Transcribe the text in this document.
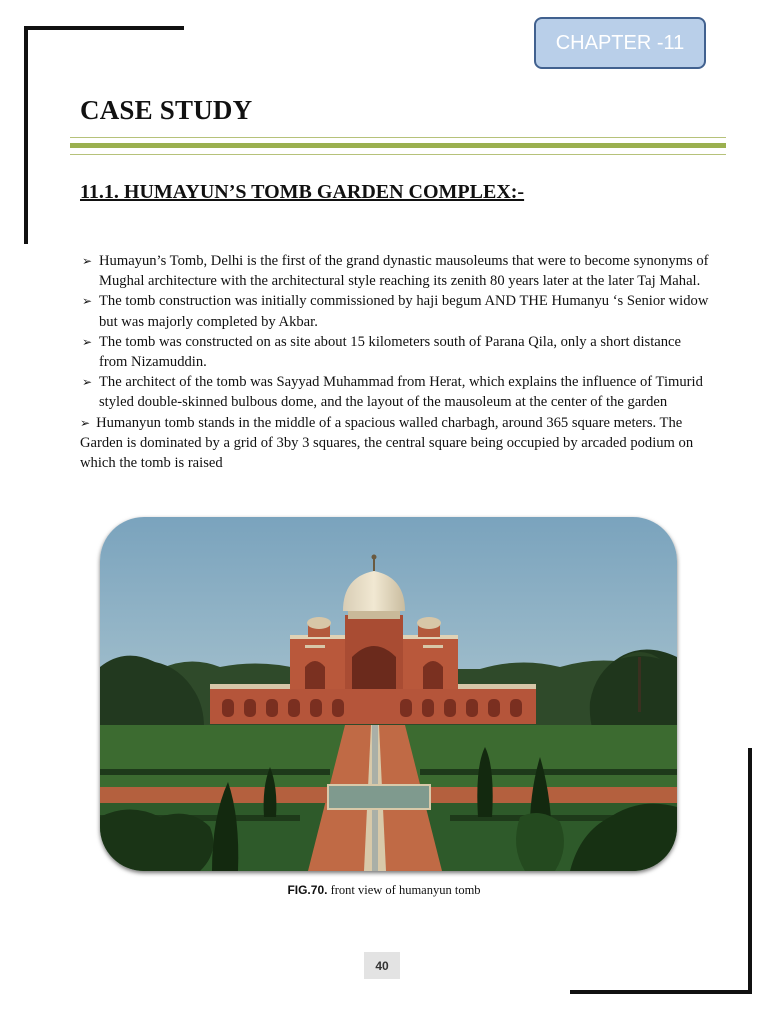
CHAPTER -11
CASE STUDY
11.1. HUMAYUN’S TOMB GARDEN COMPLEX:-
➢ Humayun’s Tomb, Delhi is the first of the grand dynastic mausoleums that were to become synonyms of Mughal architecture with the architectural style reaching its zenith 80 years later at the later Taj Mahal.
➢ The tomb construction was initially commissioned by haji begum AND THE Humanyu ‘s Senior widow but was majorly completed by Akbar.
➢ The tomb was constructed on as site about 15 kilometers south of Parana Qila, only a short distance from Nizamuddin.
➢ The architect of the tomb was Sayyad Muhammad from Herat, which explains the influence of Timurid styled double-skinned bulbous dome, and the layout of the mausoleum at the center of the garden
➢ Humanyun tomb stands in the middle of a spacious walled charbagh, around 365 square meters. The Garden is dominated by a grid of 3by 3 squares, the central square being occupied by arcaded podium on which the tomb is raised
FIG.70. front view of humanyun tomb
40
